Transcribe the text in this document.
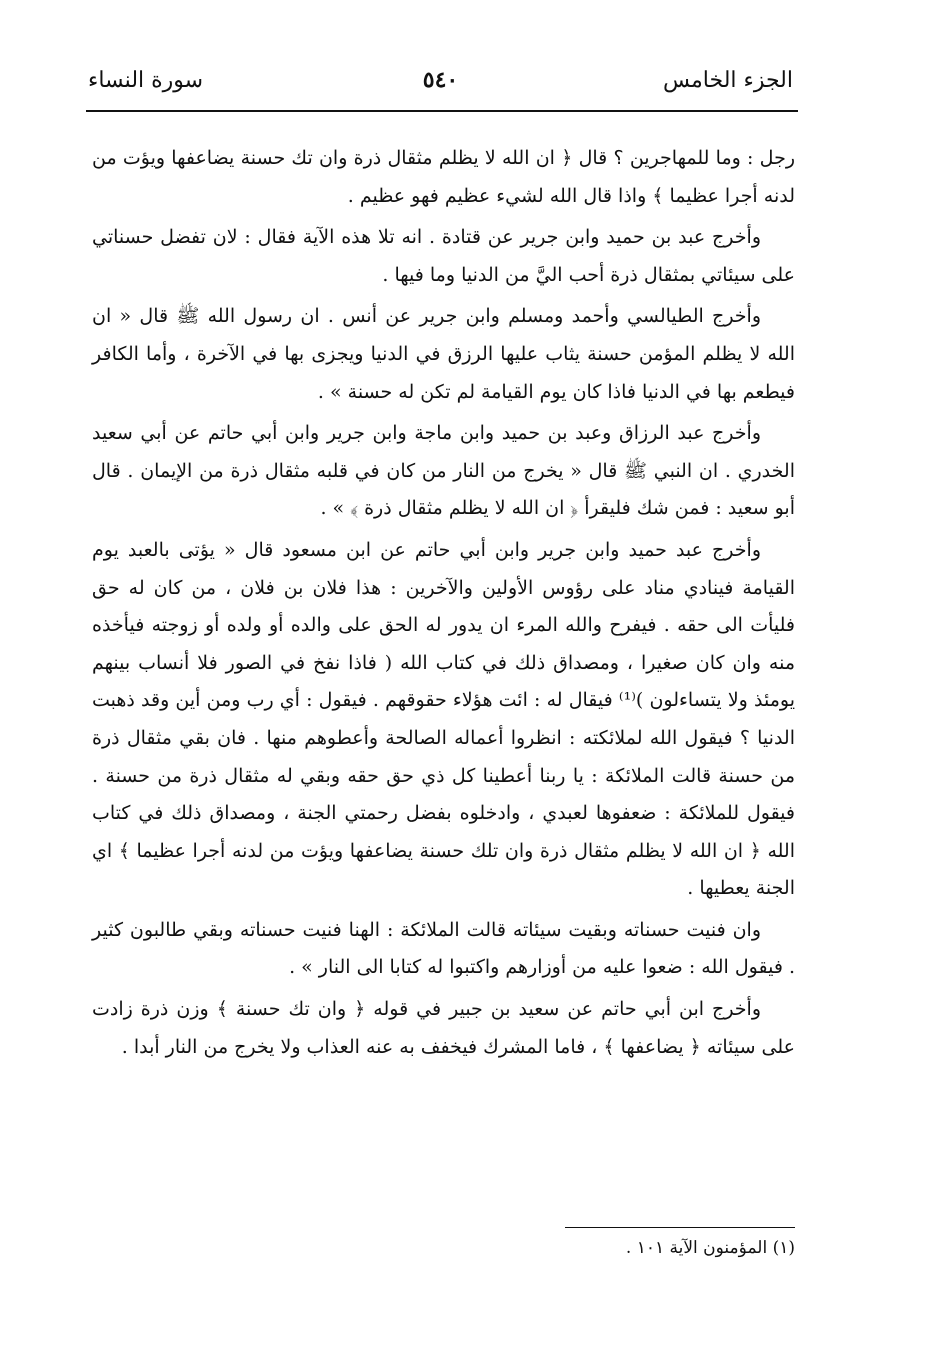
الجزء الخامس
٥٤٠
سورة النساء

رجل : وما للمهاجرين ؟ قال ﴿ ان الله لا يظلم مثقال ذرة وان تك حسنة يضاعفها ويؤت من لدنه أجرا عظيما ﴾ واذا قال الله لشيء عظيم فهو عظيم .

وأخرج عبد بن حميد وابن جرير عن قتادة . انه تلا هذه الآية فقال : لان تفضل حسناتي على سيئاتي بمثقال ذرة أحب اليَّ من الدنيا وما فيها .

وأخرج الطيالسي وأحمد ومسلم وابن جرير عن أنس . ان رسول الله ﷺ قال « ان الله لا يظلم المؤمن حسنة يثاب عليها الرزق في الدنيا ويجزى بها في الآخرة ، وأما الكافر فيطعم بها في الدنيا فاذا كان يوم القيامة لم تكن له حسنة » .

وأخرج عبد الرزاق وعبد بن حميد وابن ماجة وابن جرير وابن أبي حاتم عن أبي سعيد الخدري . ان النبي ﷺ قال « يخرج من النار من كان في قلبه مثقال ذرة من الإيمان . قال أبو سعيد : فمن شك فليقرأ ﴿ ان الله لا يظلم مثقال ذرة ﴾ » .

وأخرج عبد حميد وابن جرير وابن أبي حاتم عن ابن مسعود قال « يؤتى بالعبد يوم القيامة فينادي مناد على رؤوس الأولين والآخرين : هذا فلان بن فلان ، من كان له حق فليأت الى حقه . فيفرح والله المرء ان يدور له الحق على والده أو ولده أو زوجته فيأخذه منه وان كان صغيرا ، ومصداق ذلك في كتاب الله ( فاذا نفخ في الصور فلا أنساب بينهم يومئذ ولا يتساءلون )⁽¹⁾ فيقال له : ائت هؤلاء حقوقهم . فيقول : أي رب ومن أين وقد ذهبت الدنيا ؟ فيقول الله لملائكته : انظروا أعماله الصالحة وأعطوهم منها . فان بقي مثقال ذرة من حسنة قالت الملائكة : يا ربنا أعطينا كل ذي حق حقه وبقي له مثقال ذرة من حسنة . فيقول للملائكة : ضعفوها لعبدي ، وادخلوه بفضل رحمتي الجنة ، ومصداق ذلك في كتاب الله ﴿ ان الله لا يظلم مثقال ذرة وان تلك حسنة يضاعفها ويؤت من لدنه أجرا عظيما ﴾ اي الجنة يعطيها .

وان فنيت حسناته وبقيت سيئاته قالت الملائكة : الهنا فنيت حسناته وبقي طالبون كثير . فيقول الله : ضعوا عليه من أوزارهم واكتبوا له كتابا الى النار » .

وأخرج ابن أبي حاتم عن سعيد بن جبير في قوله ﴿ وان تك حسنة ﴾ وزن ذرة زادت على سيئاته ﴿ يضاعفها ﴾ ، فاما المشرك فيخفف به عنه العذاب ولا يخرج من النار أبدا .

(١) المؤمنون الآية ١٠١ .
